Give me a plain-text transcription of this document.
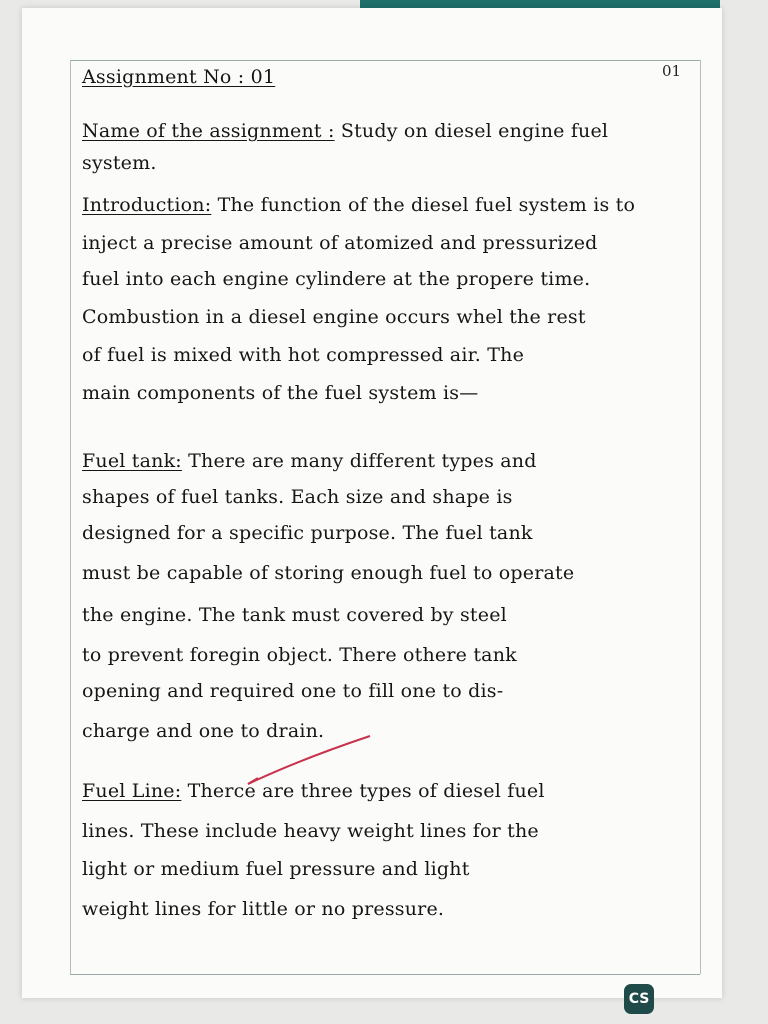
01
Assignment No : 01
Name of the assignment : Study on diesel engine fuel
system.
Introduction: The function of the diesel fuel system is to
inject a precise amount of atomized and pressurized
fuel into each engine cylindere at the propere time.
Combustion in a diesel engine occurs whel the rest
of fuel is mixed with hot compressed air. The
main components of the fuel system is—
Fuel tank: There are many different types and
shapes of fuel tanks. Each size and shape is
designed for a specific purpose. The fuel tank
must be capable of storing enough fuel to operate
the engine. The tank must covered by steel
to prevent foregin object. There othere tank
opening and required one to fill one to dis-
charge and one to drain.
Fuel Line: Therce are three types of diesel fuel
lines. These include heavy weight lines for the
light or medium fuel pressure and light
weight lines for little or no pressure.
CS
